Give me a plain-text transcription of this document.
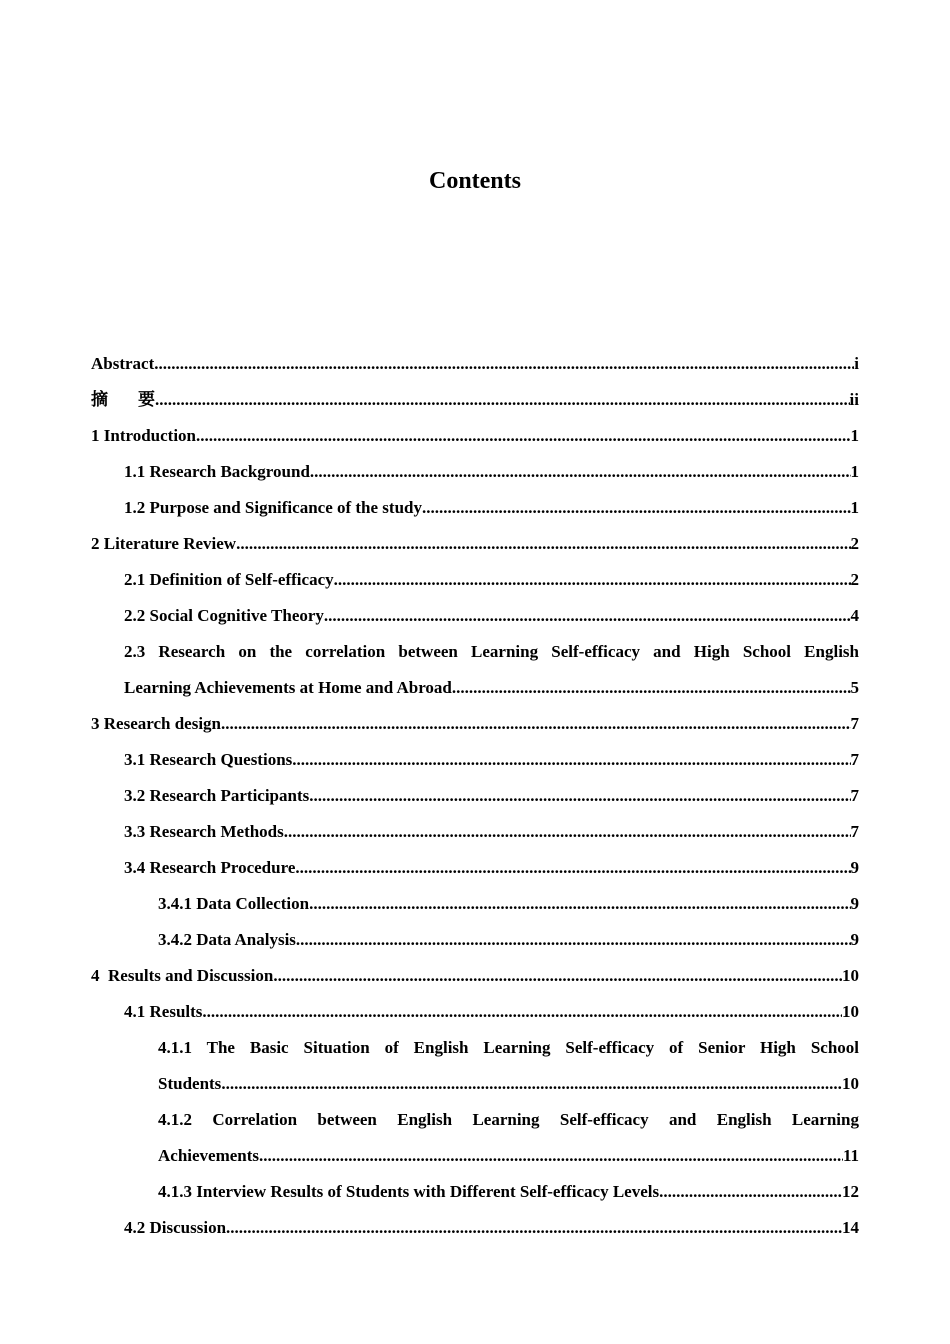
Contents
Abstract .....	i
摘要 .....	ii
1 Introduction .....	1
1.1 Research Background .....	1
1.2 Purpose and Significance of the study .....	1
2 Literature Review .....	2
2.1 Definition of Self-efficacy .....	2
2.2 Social Cognitive Theory .....	4
2.3 Research on the correlation between Learning Self-efficacy and High School English
Learning Achievements at Home and Abroad .....	5
3 Research design .....	7
3.1 Research Questions .....	7
3.2 Research Participants .....	7
3.3 Research Methods .....	7
3.4 Research Procedure .....	9
3.4.1 Data Collection .....	9
3.4.2 Data Analysis .....	9
4  Results and Discussion .....	10
4.1 Results .....	10
4.1.1 The Basic Situation of English Learning Self-efficacy of Senior High School
Students .....	10
4.1.2 Correlation between English Learning Self-efficacy and English Learning
Achievements .....	11
4.1.3 Interview Results of Students with Different Self-efficacy Levels .....	12
4.2 Discussion .....	14
